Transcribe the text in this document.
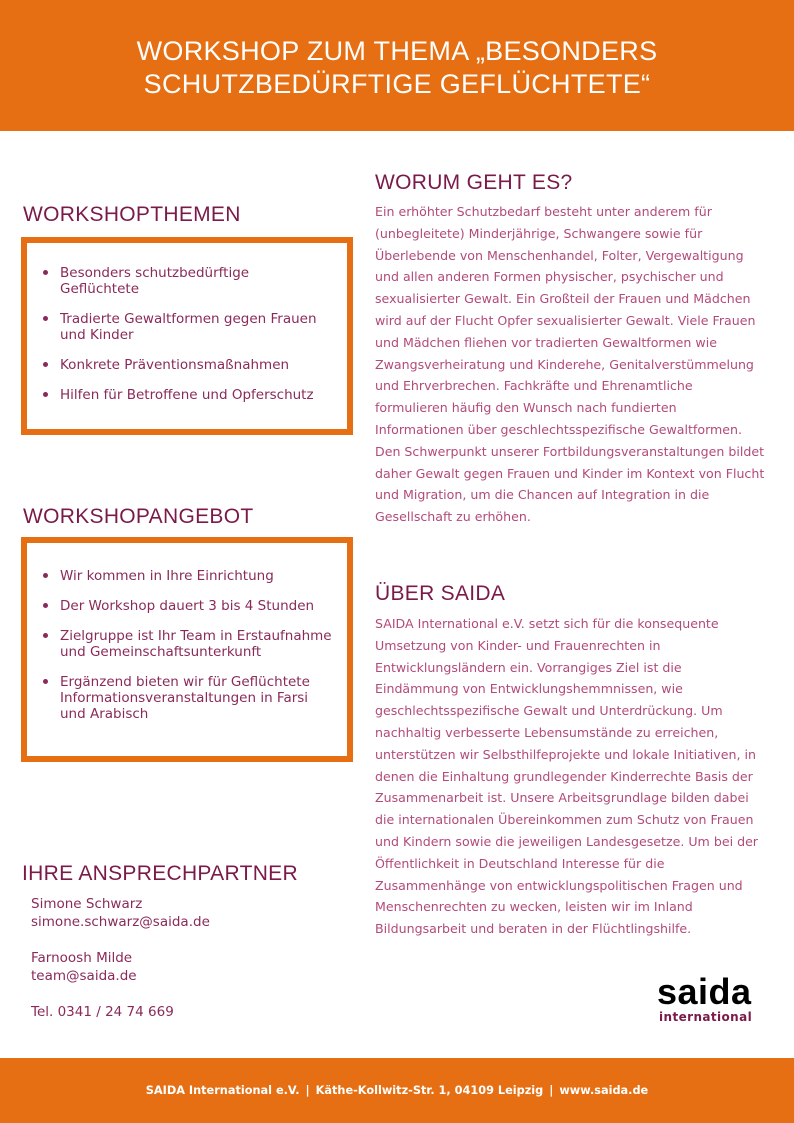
WORKSHOP ZUM THEMA „BESONDERS
SCHUTZBEDÜRFTIGE GEFLÜCHTETE“
WORKSHOPTHEMEN
Besonders schutzbedürftige
Geflüchtete
Tradierte Gewaltformen gegen Frauen
und Kinder
Konkrete Präventionsmaßnahmen
Hilfen für Betroffene und Opferschutz
WORKSHOPANGEBOT
Wir kommen in Ihre Einrichtung
Der Workshop dauert 3 bis 4 Stunden
Zielgruppe ist Ihr Team in Erstaufnahme
und Gemeinschaftsunterkunft
Ergänzend bieten wir für Geflüchtete
Informationsveranstaltungen in Farsi
und Arabisch
IHRE ANSPRECHPARTNER
Simone Schwarz
simone.schwarz@saida.de
Farnoosh Milde
team@saida.de
Tel. 0341 / 24 74 669
WORUM GEHT ES?
Ein erhöhter Schutzbedarf besteht unter anderem für
(unbegleitete) Minderjährige, Schwangere sowie für
Überlebende von Menschenhandel, Folter, Vergewaltigung
und allen anderen Formen physischer, psychischer und
sexualisierter Gewalt. Ein Großteil der Frauen und Mädchen
wird auf der Flucht Opfer sexualisierter Gewalt. Viele Frauen
und Mädchen fliehen vor tradierten Gewaltformen wie
Zwangsverheiratung und Kinderehe, Genitalverstümmelung
und Ehrverbrechen. Fachkräfte und Ehrenamtliche
formulieren häufig den Wunsch nach fundierten
Informationen über geschlechtsspezifische Gewaltformen.
Den Schwerpunkt unserer Fortbildungsveranstaltungen bildet
daher Gewalt gegen Frauen und Kinder im Kontext von Flucht
und Migration, um die Chancen auf Integration in die
Gesellschaft zu erhöhen.
ÜBER SAIDA
SAIDA International e.V. setzt sich für die konsequente
Umsetzung von Kinder- und Frauenrechten in
Entwicklungsländern ein. Vorrangiges Ziel ist die
Eindämmung von Entwicklungshemmnissen, wie
geschlechtsspezifische Gewalt und Unterdrückung. Um
nachhaltig verbesserte Lebensumstände zu erreichen,
unterstützen wir Selbsthilfeprojekte und lokale Initiativen, in
denen die Einhaltung grundlegender Kinderrechte Basis der
Zusammenarbeit ist. Unsere Arbeitsgrundlage bilden dabei
die internationalen Übereinkommen zum Schutz von Frauen
und Kindern sowie die jeweiligen Landesgesetze. Um bei der
Öffentlichkeit in Deutschland Interesse für die
Zusammenhänge von entwicklungspolitischen Fragen und
Menschenrechten zu wecken, leisten wir im Inland
Bildungsarbeit und beraten in der Flüchtlingshilfe.
saida
international
SAIDA International e.V. | Käthe-Kollwitz-Str. 1, 04109 Leipzig | www.saida.de
